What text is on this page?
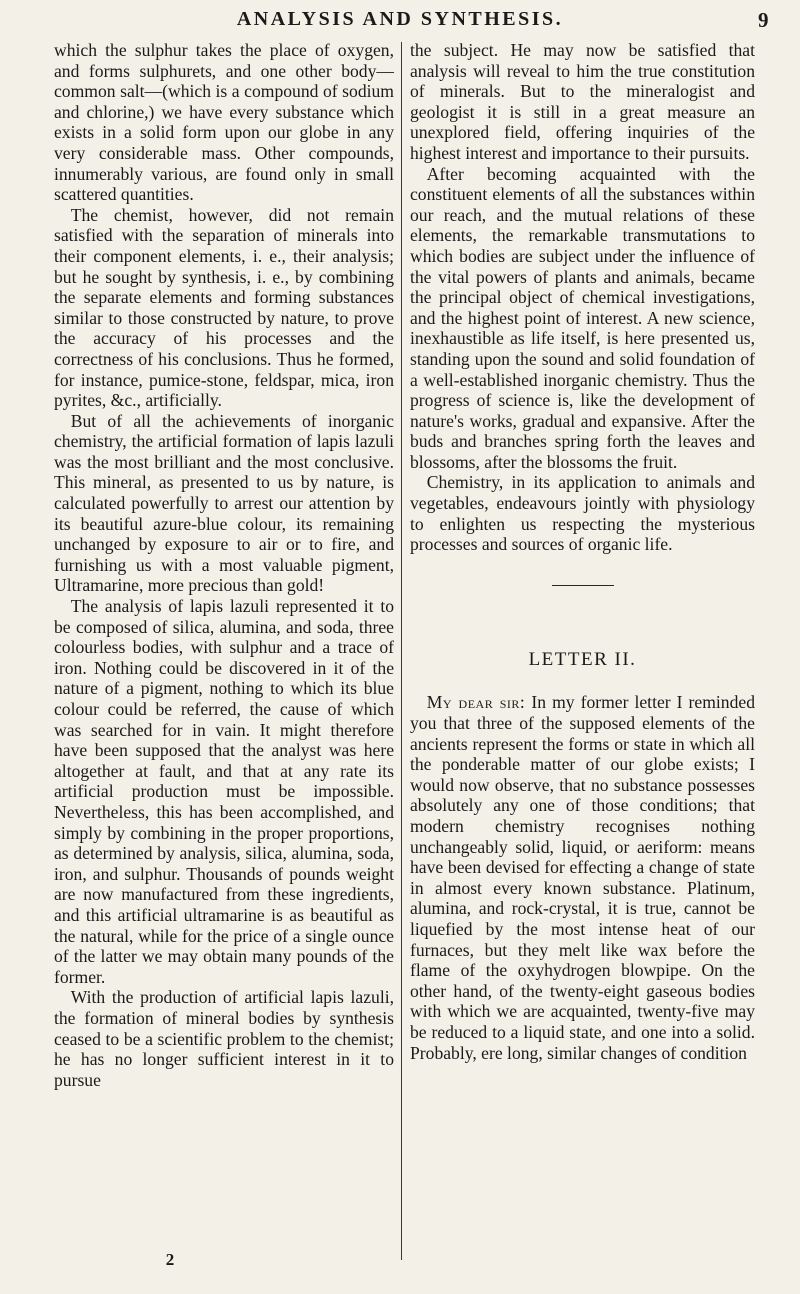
ANALYSIS AND SYNTHESIS.	9

which the sulphur takes the place of oxygen, and forms sulphurets, and one other body—common salt—(which is a compound of sodium and chlorine,) we have every substance which exists in a solid form upon our globe in any very considerable mass. Other compounds, innumerably various, are found only in small scattered quantities.

The chemist, however, did not remain satisfied with the separation of minerals into their component elements, i. e., their analysis; but he sought by synthesis, i. e., by combining the separate elements and forming substances similar to those constructed by nature, to prove the accuracy of his processes and the correctness of his conclusions. Thus he formed, for instance, pumice-stone, feldspar, mica, iron pyrites, &c., artificially.

But of all the achievements of inorganic chemistry, the artificial formation of lapis lazuli was the most brilliant and the most conclusive. This mineral, as presented to us by nature, is calculated powerfully to arrest our attention by its beautiful azure-blue colour, its remaining unchanged by exposure to air or to fire, and furnishing us with a most valuable pigment, Ultramarine, more precious than gold!

The analysis of lapis lazuli represented it to be composed of silica, alumina, and soda, three colourless bodies, with sulphur and a trace of iron. Nothing could be discovered in it of the nature of a pigment, nothing to which its blue colour could be referred, the cause of which was searched for in vain. It might therefore have been supposed that the analyst was here altogether at fault, and that at any rate its artificial production must be impossible. Nevertheless, this has been accomplished, and simply by combining in the proper proportions, as determined by analysis, silica, alumina, soda, iron, and sulphur. Thousands of pounds weight are now manufactured from these ingredients, and this artificial ultramarine is as beautiful as the natural, while for the price of a single ounce of the latter we may obtain many pounds of the former.

With the production of artificial lapis lazuli, the formation of mineral bodies by synthesis ceased to be a scientific problem to the chemist; he has no longer sufficient interest in it to pursue

2

the subject. He may now be satisfied that analysis will reveal to him the true constitution of minerals. But to the mineralogist and geologist it is still in a great measure an unexplored field, offering inquiries of the highest interest and importance to their pursuits.

After becoming acquainted with the constituent elements of all the substances within our reach, and the mutual relations of these elements, the remarkable transmutations to which bodies are subject under the influence of the vital powers of plants and animals, became the principal object of chemical investigations, and the highest point of interest. A new science, inexhaustible as life itself, is here presented us, standing upon the sound and solid foundation of a well-established inorganic chemistry. Thus the progress of science is, like the development of nature's works, gradual and expansive. After the buds and branches spring forth the leaves and blossoms, after the blossoms the fruit.

Chemistry, in its application to animals and vegetables, endeavours jointly with physiology to enlighten us respecting the mysterious processes and sources of organic life.

LETTER II.

My dear sir: In my former letter I reminded you that three of the supposed elements of the ancients represent the forms or state in which all the ponderable matter of our globe exists; I would now observe, that no substance possesses absolutely any one of those conditions; that modern chemistry recognises nothing unchangeably solid, liquid, or aeriform: means have been devised for effecting a change of state in almost every known substance. Platinum, alumina, and rock-crystal, it is true, cannot be liquefied by the most intense heat of our furnaces, but they melt like wax before the flame of the oxyhydrogen blowpipe. On the other hand, of the twenty-eight gaseous bodies with which we are acquainted, twenty-five may be reduced to a liquid state, and one into a solid. Probably, ere long, similar changes of condition
